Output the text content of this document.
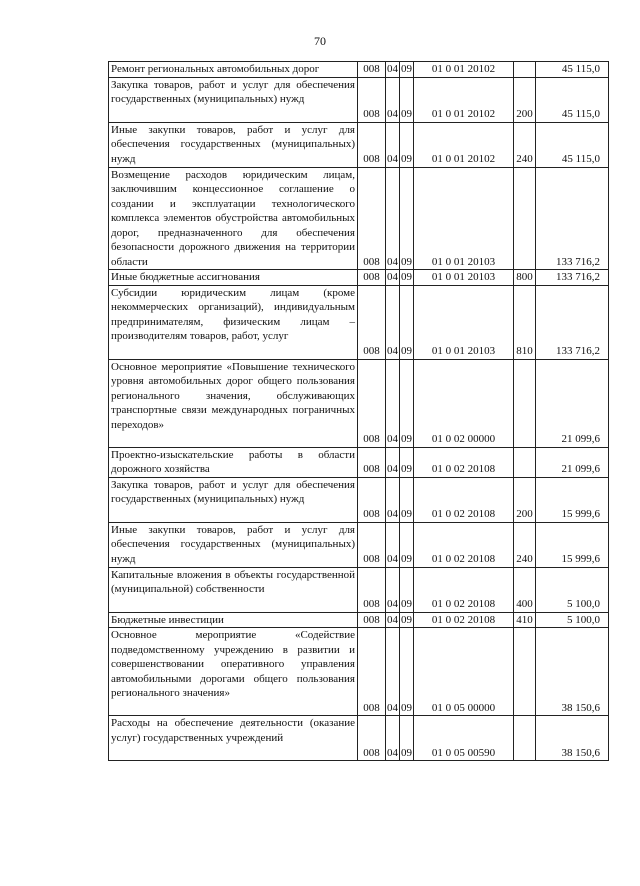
70
Ремонт региональных автомобильных дорог	008	04	09	01 0 01 20102		45 115,0

Закупка товаров, работ и услуг для обеспечения государственных (муниципальных) нужд	008	04	09	01 0 01 20102	200	45 115,0

Иные закупки товаров, работ и услуг для обеспечения государственных (муниципальных) нужд	008	04	09	01 0 01 20102	240	45 115,0

Возмещение расходов юридическим лицам, заключившим концессионное соглашение о создании и эксплуатации технологического комплекса элементов обустройства автомобильных дорог, предназначенного для обеспечения безопасности дорожного движения на территории области	008	04	09	01 0 01 20103		133 716,2

Иные бюджетные ассигнования	008	04	09	01 0 01 20103	800	133 716,2

Субсидии юридическим лицам (кроме некоммерческих организаций), индивидуальным предпринимателям, физическим лицам – производителям товаров, работ, услуг	008	04	09	01 0 01 20103	810	133 716,2

Основное мероприятие «Повышение технического уровня автомобильных дорог общего пользования регионального значения, обслуживающих транспортные связи международных пограничных переходов»	008	04	09	01 0 02 00000		21 099,6

Проектно-изыскательские работы в области дорожного хозяйства	008	04	09	01 0 02 20108		21 099,6

Закупка товаров, работ и услуг для обеспечения государственных (муниципальных) нужд	008	04	09	01 0 02 20108	200	15 999,6

Иные закупки товаров, работ и услуг для обеспечения государственных (муниципальных) нужд	008	04	09	01 0 02 20108	240	15 999,6

Капитальные вложения в объекты государственной (муниципальной) собственности	008	04	09	01 0 02 20108	400	5 100,0

Бюджетные инвестиции	008	04	09	01 0 02 20108	410	5 100,0

Основное мероприятие «Содействие подведомственному учреждению в развитии и совершенствовании оперативного управления автомобильными дорогами общего пользования регионального значения»	008	04	09	01 0 05 00000		38 150,6

Расходы на обеспечение деятельности (оказание услуг) государственных учреждений	008	04	09	01 0 05 00590		38 150,6
